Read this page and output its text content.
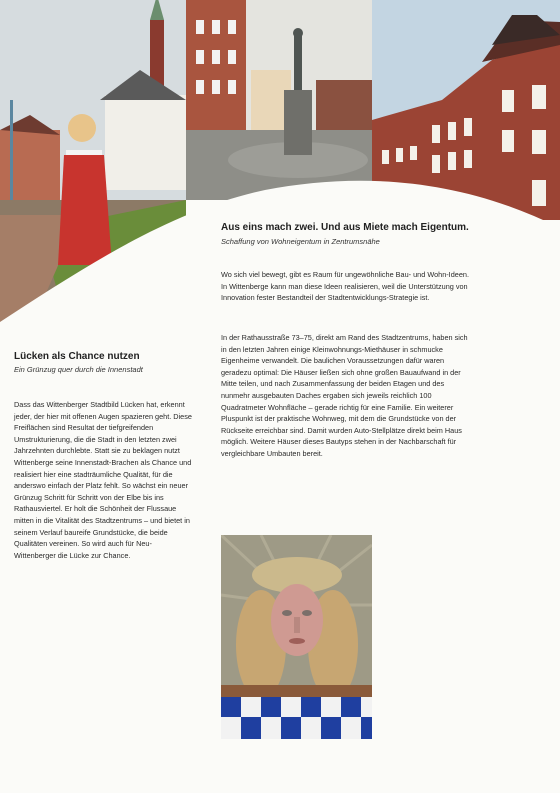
Aus eins mach zwei. Und aus Miete mach Eigentum.
Schaffung von Wohneigentum in Zentrumsnähe

Wo sich viel bewegt, gibt es Raum für ungewöhnliche Bau- und Wohn-Ideen. In Wittenberge kann man diese Ideen realisieren, weil die Unterstützung von Innovation fester Bestandteil der Stadtentwicklungs-Strategie ist.

In der Rathausstraße 73–75, direkt am Rand des Stadtzentrums, haben sich in den letzten Jahren einige Kleinwohnungs-Miethäuser in schmucke Eigenheime verwandelt. Die baulichen Voraussetzungen dafür waren geradezu optimal: Die Häuser ließen sich ohne großen Bauaufwand in der Mitte teilen, und nach Zusammenfassung der beiden Etagen und des nunmehr ausgebauten Daches ergaben sich jeweils reichlich 100 Quadratmeter Wohnfläche – gerade richtig für eine Familie. Ein weiterer Pluspunkt ist der praktische Wohnweg, mit dem die Grundstücke von der Rückseite erreichbar sind. Damit wurden Auto-Stellplätze direkt beim Haus möglich. Weitere Häuser dieses Bautyps stehen in der Nachbarschaft für vergleichbare Umbauten bereit.

Lücken als Chance nutzen
Ein Grünzug quer durch die Innenstadt

Dass das Wittenberger Stadtbild Lücken hat, erkennt jeder, der hier mit offenen Augen spazieren geht. Diese Freiflächen sind Resultat der tiefgreifenden Umstrukturierung, die die Stadt in den letzten zwei Jahrzehnten durchlebte. Statt sie zu beklagen nutzt Wittenberge seine Innenstadt-Brachen als Chance und realisiert hier eine stadträumliche Qualität, für die anderswo einfach der Platz fehlt. So wächst ein neuer Grünzug Schritt für Schritt von der Elbe bis ins Rathausviertel. Er holt die Schönheit der Flussaue mitten in die Vitalität des Stadtzentrums – und bietet in seinem Verlauf baureife Grundstücke, die beide Qualitäten vereinen. So wird auch für Neu-Wittenberger die Lücke zur Chance.
